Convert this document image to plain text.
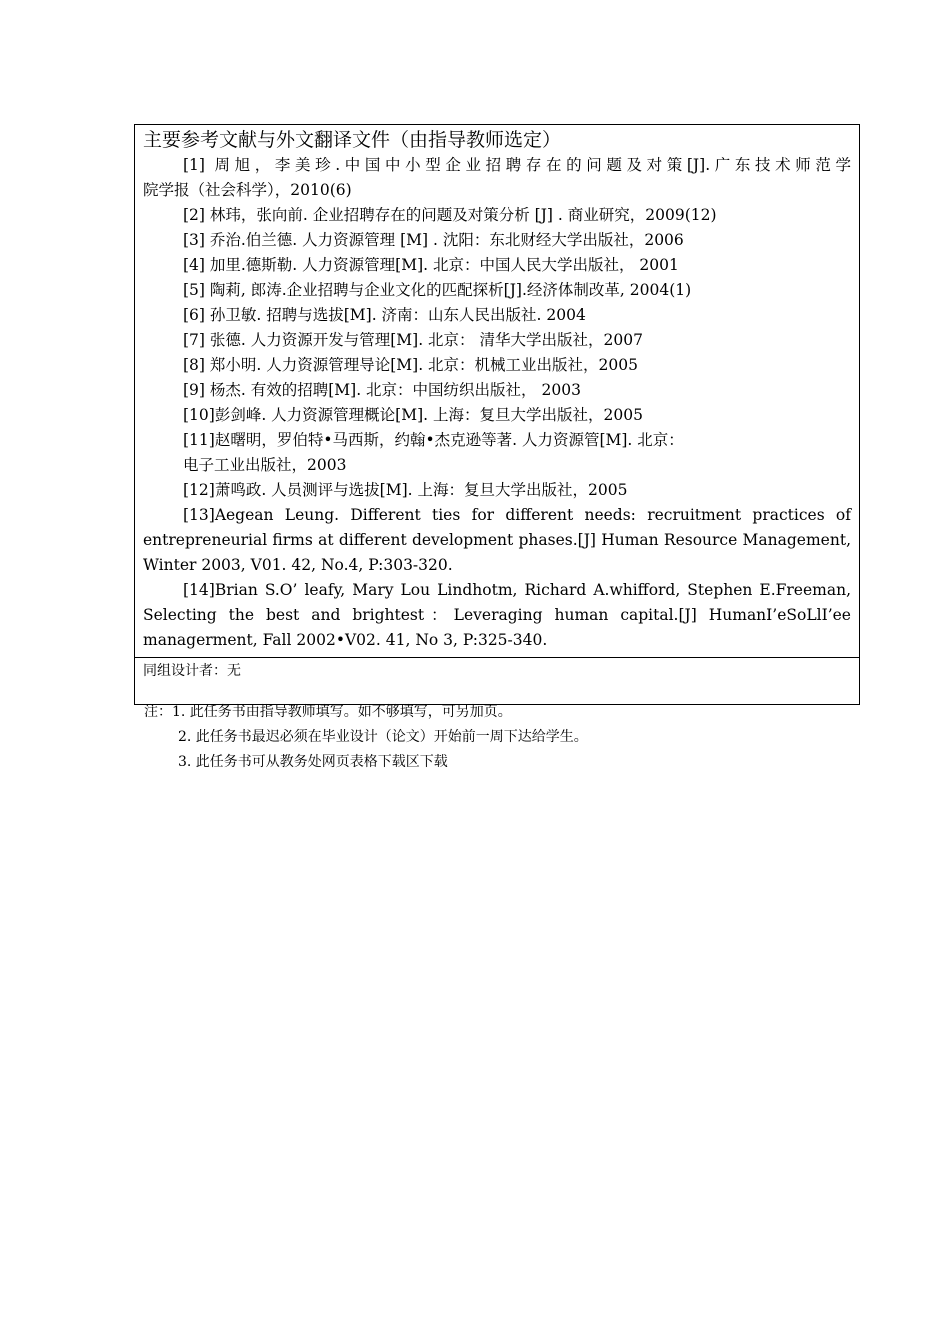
主要参考文献与外文翻译文件（由指导教师选定）
[1] 周旭，李美珍.中国中小型企业招聘存在的问题及对策[J].广东技术师范学
院学报（社会科学），2010(6)
[2] 林玮，张向前. 企业招聘存在的问题及对策分析 [J] . 商业研究，2009(12)
[3] 乔治.伯兰德. 人力资源管理 [M] . 沈阳：东北财经大学出版社，2006
[4] 加里.德斯勒. 人力资源管理[M]. 北京：中国人民大学出版社， 2001
[5] 陶莉, 郎涛.企业招聘与企业文化的匹配探析[J].经济体制改革, 2004(1)
[6] 孙卫敏. 招聘与选拔[M]. 济南：山东人民出版社. 2004
[7] 张德. 人力资源开发与管理[M]. 北京： 清华大学出版社，2007
[8] 郑小明. 人力资源管理导论[M]. 北京：机械工业出版社，2005
[9] 杨杰. 有效的招聘[M]. 北京：中国纺织出版社， 2003
[10]彭剑峰. 人力资源管理概论[M]. 上海：复旦大学出版社，2005
[11]赵曙明，罗伯特•马西斯，约翰•杰克逊等著. 人力资源管[M]. 北京：
电子工业出版社，2003
[12]萧鸣政. 人员测评与选拔[M]. 上海：复旦大学出版社，2005
[13]Aegean Leung. Different ties for different needs: recruitment practices of entrepreneurial firms at different development phases.[J] Human Resource Management, Winter 2003, V01. 42, No.4, P:303-320.
[14]Brian S.O’ leafy, Mary Lou Lindhotm, Richard A.whifford, Stephen E.Freeman, Selecting the best and brightest：Leveraging human capital.[J] HumanI’eSoLlI’ee managerment, Fall 2002•V02. 41, No 3, P:325-340.
同组设计者：无
注：1. 此任务书由指导教师填写。如不够填写，可另加页。
2. 此任务书最迟必须在毕业设计（论文）开始前一周下达给学生。
3. 此任务书可从教务处网页表格下载区下载
